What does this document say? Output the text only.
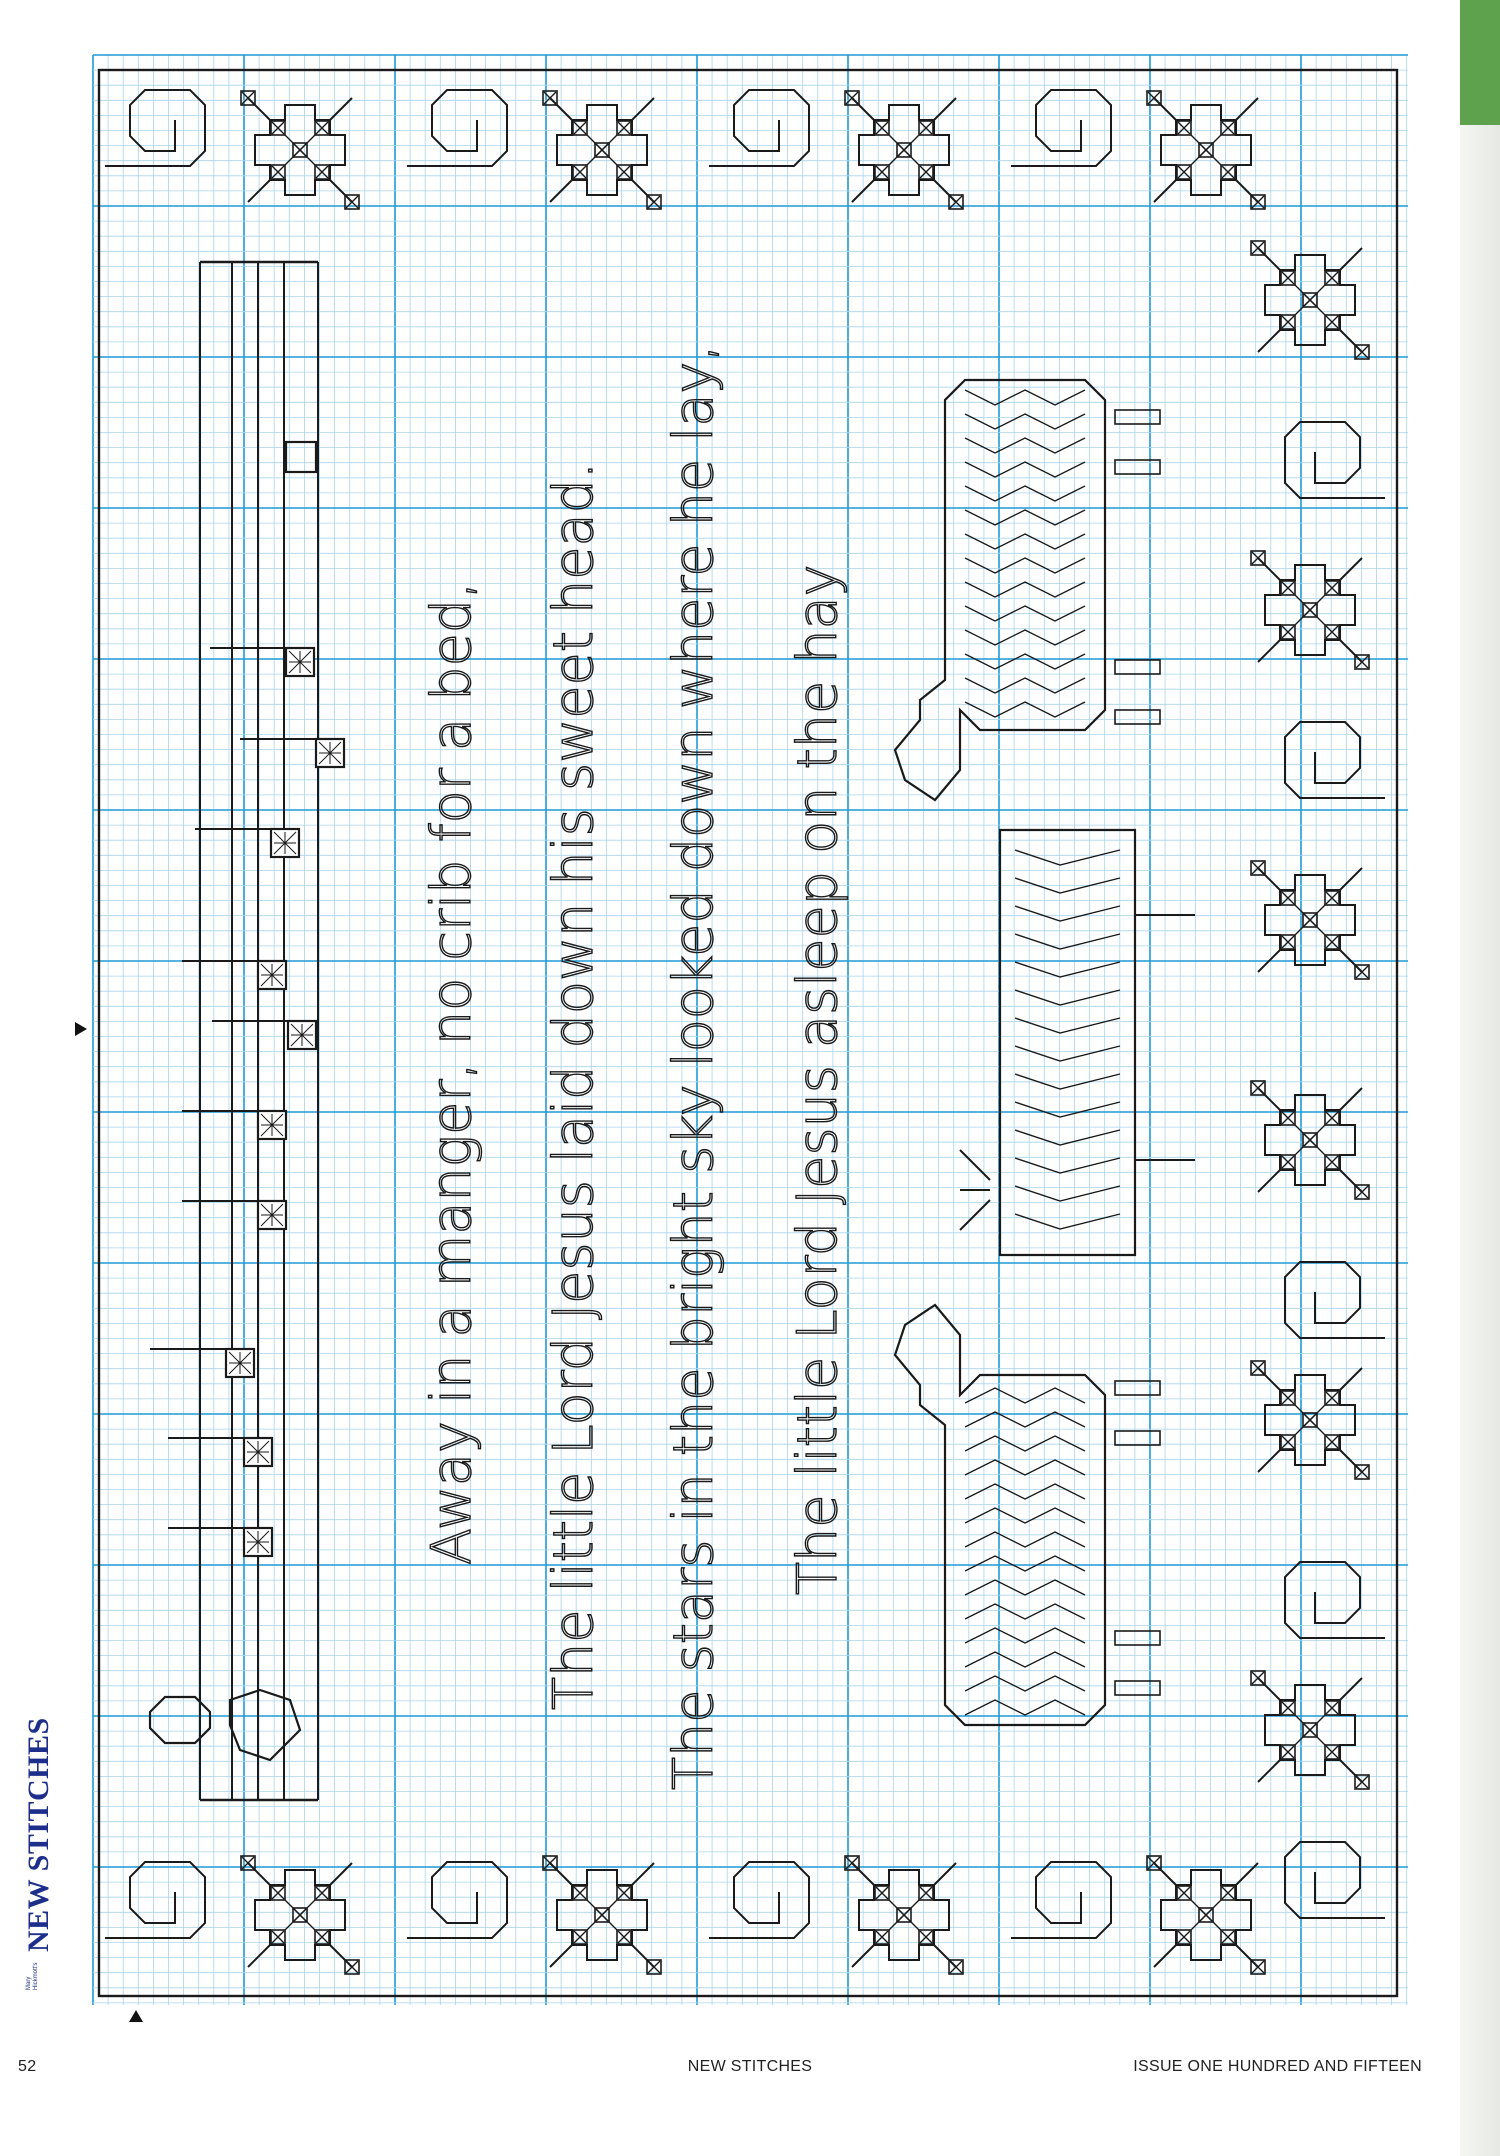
Away in a manger, no crib for a bed, The little Lord Jesus laid down his sweet head. The stars in the bright sky looked down where he lay, The little Lord Jesus asleep on the hay
Mary Hickmott's
NEW STITCHES
52	NEW STITCHES	ISSUE ONE HUNDRED AND FIFTEEN
